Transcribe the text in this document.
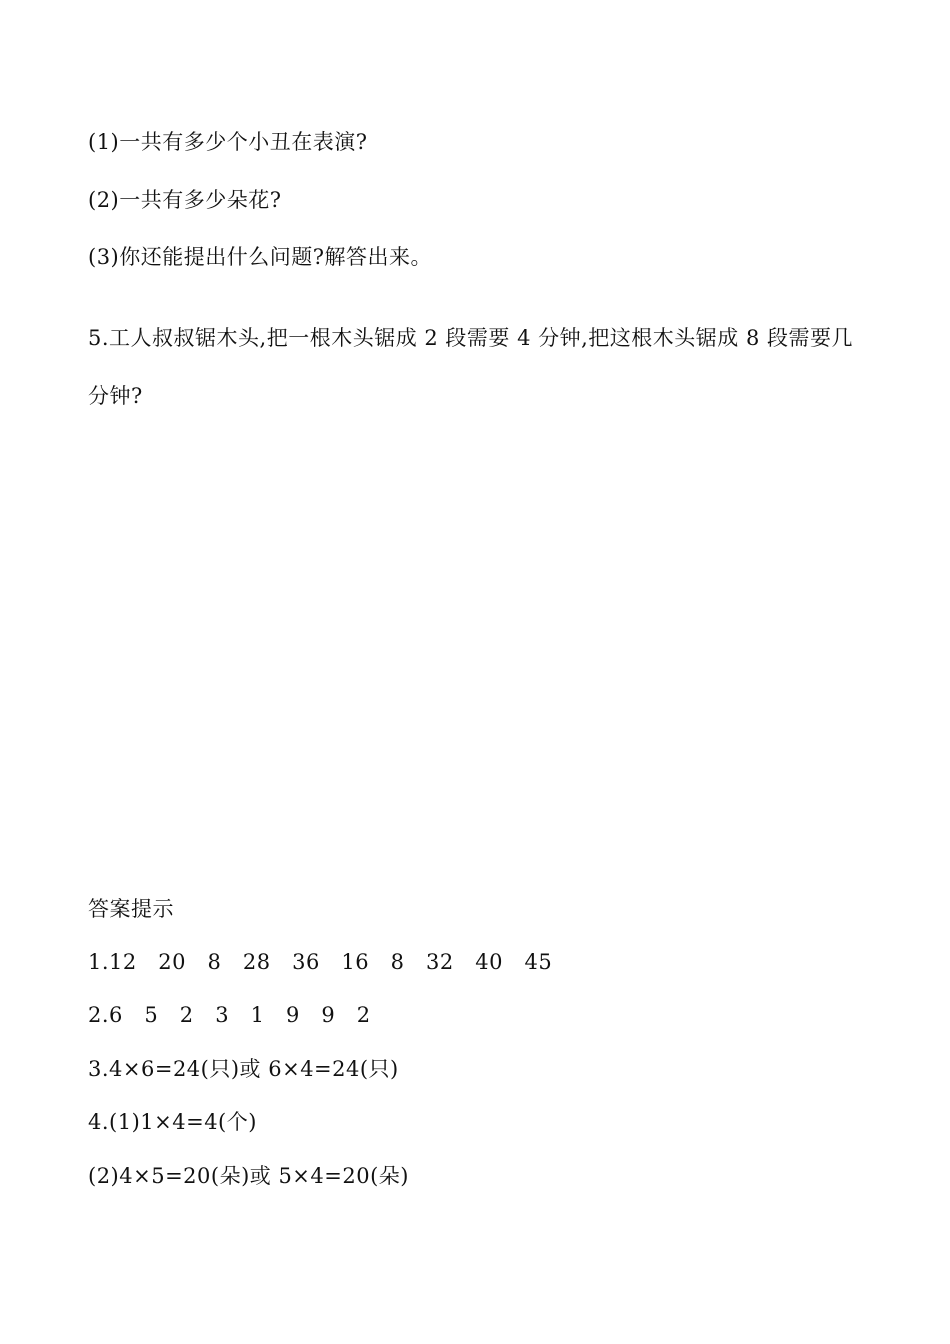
(1)一共有多少个小丑在表演?
(2)一共有多少朵花?
(3)你还能提出什么问题?解答出来。
5.工人叔叔锯木头,把一根木头锯成 2 段需要 4 分钟,把这根木头锯成 8 段需要几
分钟?
答案提示
1.12   20   8   28   36   16   8   32   40   45
2.6   5   2   3   1   9   9   2
3.4×6=24(只)或 6×4=24(只)
4.(1)1×4=4(个)
(2)4×5=20(朵)或 5×4=20(朵)
